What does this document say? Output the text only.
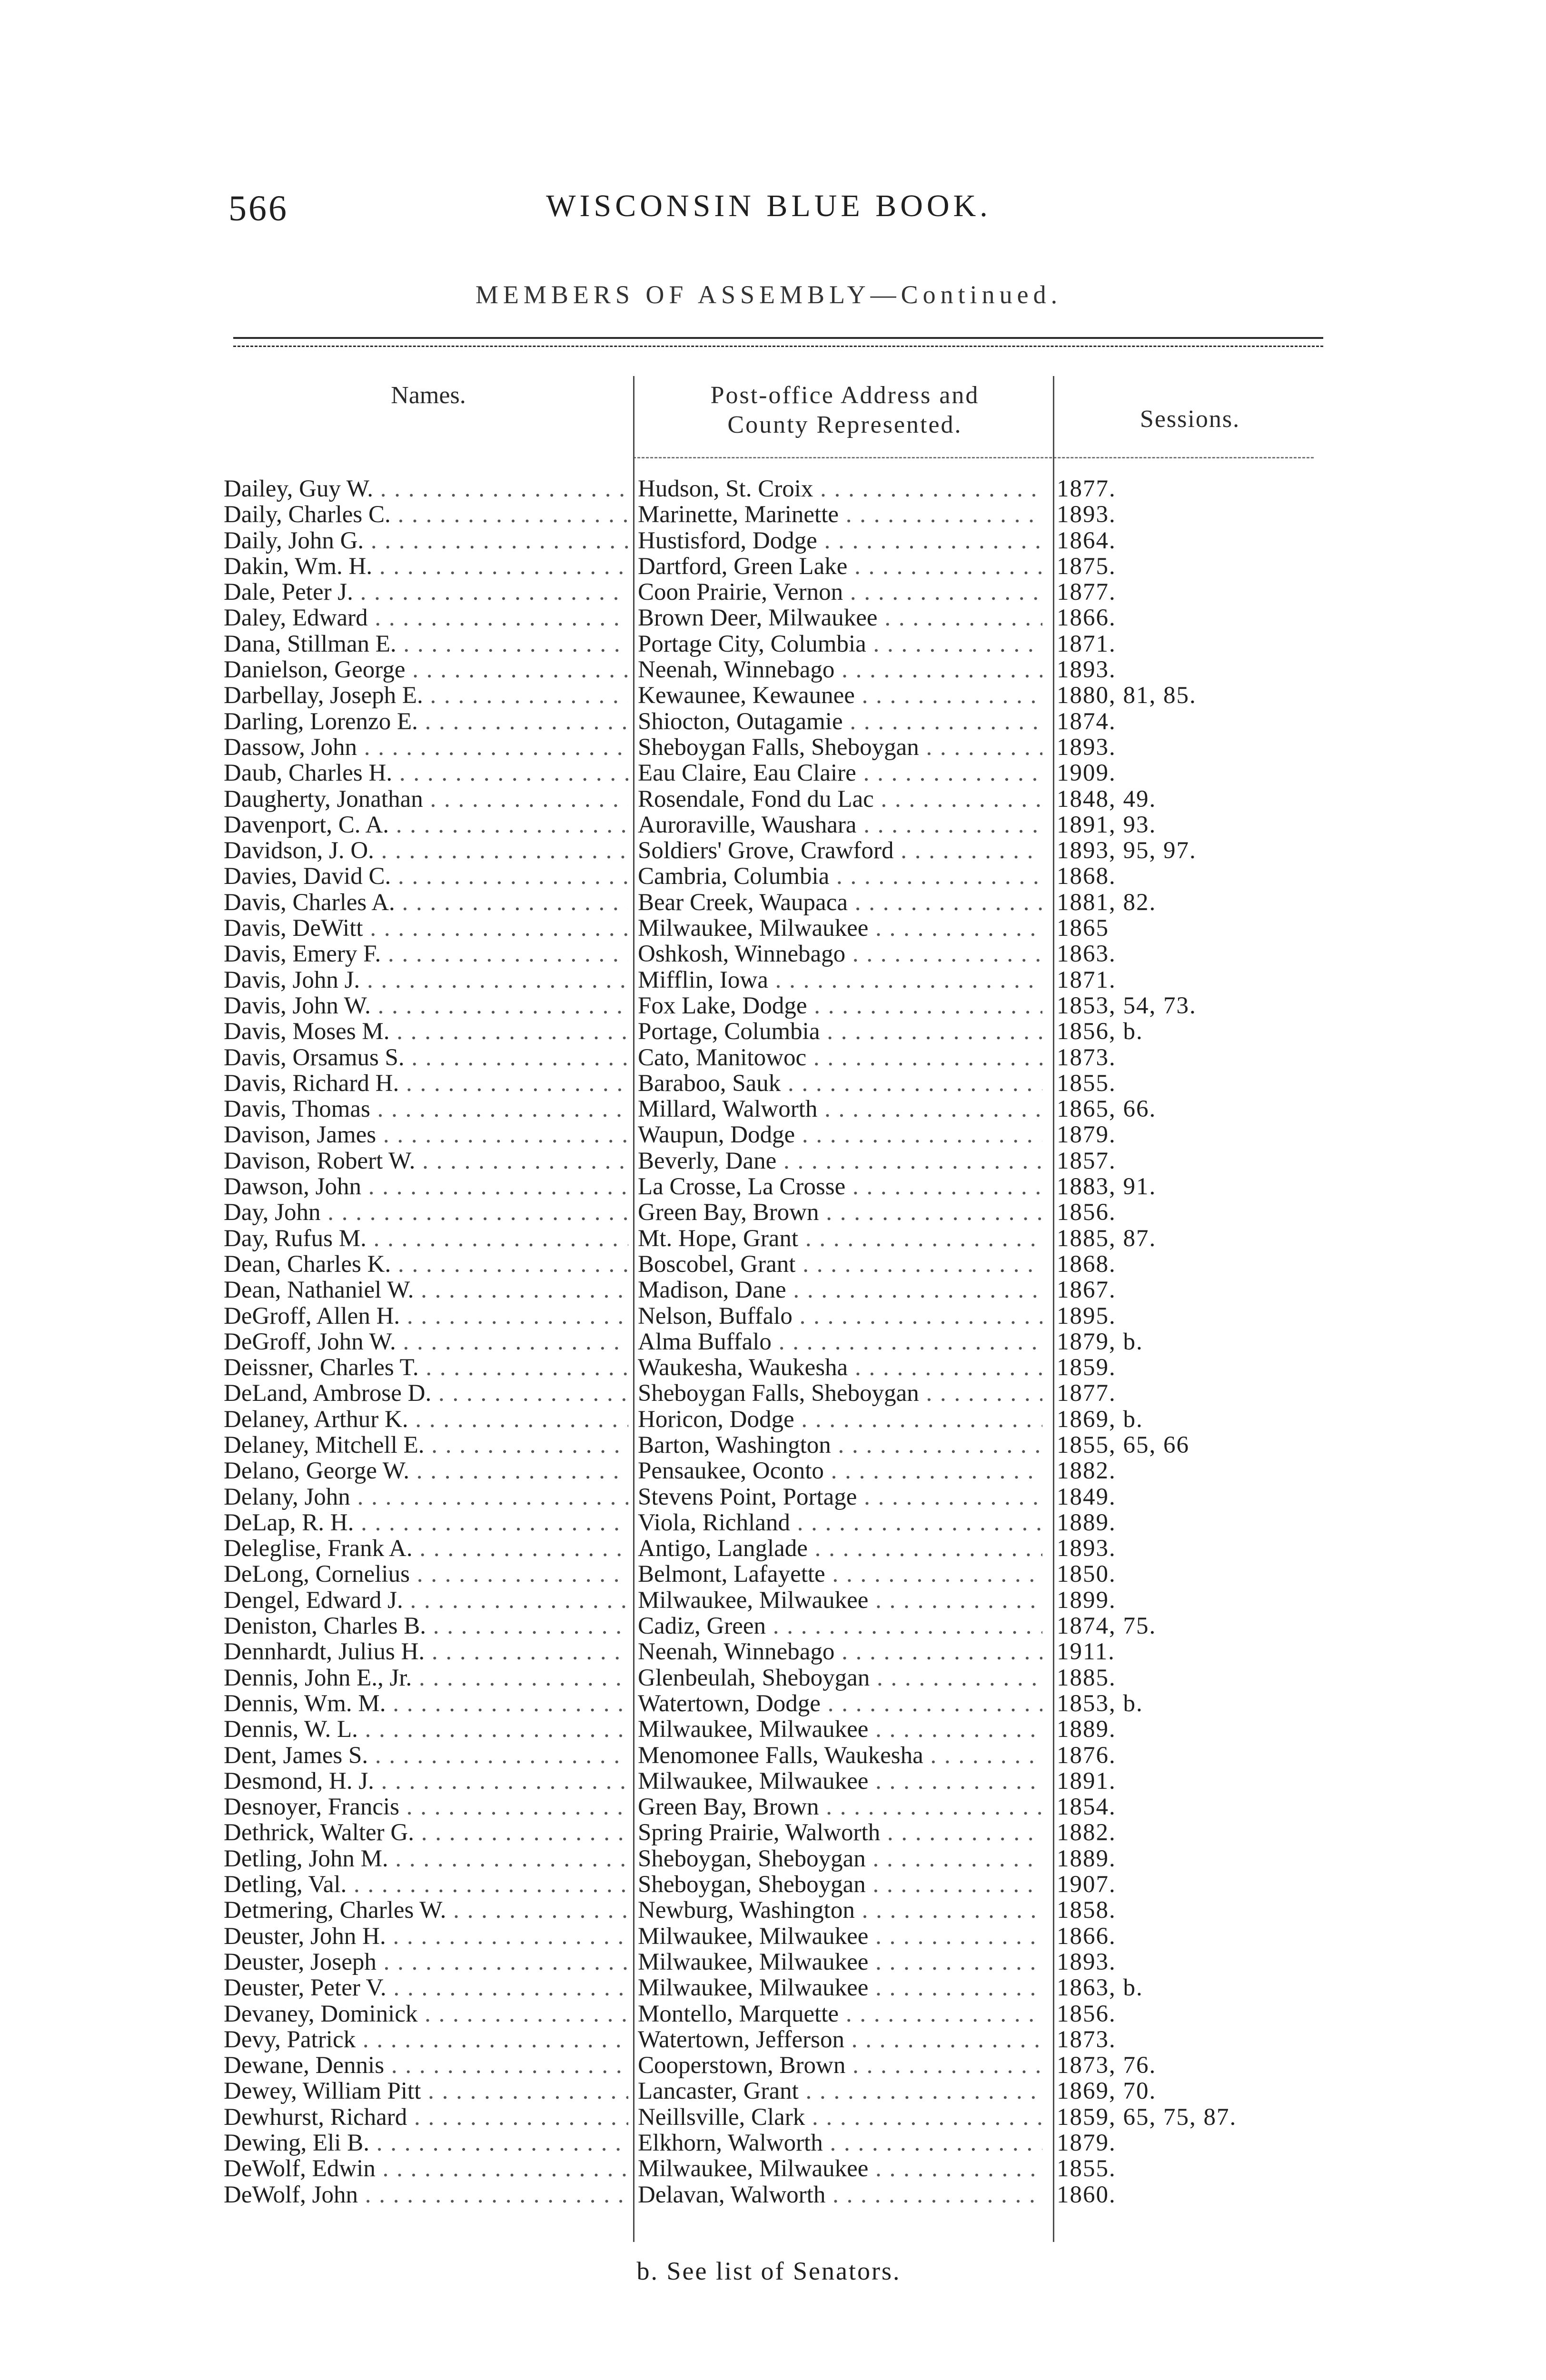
566	WISCONSIN BLUE BOOK.
MEMBERS OF ASSEMBLY—Continued.
Names.	Post-office Address and
County Represented.	Sessions.
Dailey, Guy W. . . .	Hudson, St. Croix . . .	1877.
Daily, Charles C. . . .	Marinette, Marinette . . .	1893.
Daily, John G. . . .	Hustisford, Dodge . . .	1864.
Dakin, Wm. H. . . .	Dartford, Green Lake . . .	1875.
Dale, Peter J. . . .	Coon Prairie, Vernon . . .	1877.
Daley, Edward . . .	Brown Deer, Milwaukee . . .	1866.
Dana, Stillman E. . . .	Portage City, Columbia . . .	1871.
Danielson, George . . .	Neenah, Winnebago . . .	1893.
Darbellay, Joseph E. . . .	Kewaunee, Kewaunee . . .	1880, 81, 85.
Darling, Lorenzo E. . . .	Shiocton, Outagamie . . .	1874.
Dassow, John . . .	Sheboygan Falls, Sheboygan . . .	1893.
Daub, Charles H. . . .	Eau Claire, Eau Claire . . .	1909.
Daugherty, Jonathan . . .	Rosendale, Fond du Lac . . .	1848, 49.
Davenport, C. A. . . .	Auroraville, Waushara . . .	1891, 93.
Davidson, J. O. . . .	Soldiers' Grove, Crawford . . .	1893, 95, 97.
Davies, David C. . . .	Cambria, Columbia . . .	1868.
Davis, Charles A. . . .	Bear Creek, Waupaca . . .	1881, 82.
Davis, DeWitt . . .	Milwaukee, Milwaukee . . .	1865
Davis, Emery F. . . .	Oshkosh, Winnebago . . .	1863.
Davis, John J. . . .	Mifflin, Iowa . . .	1871.
Davis, John W. . . .	Fox Lake, Dodge . . .	1853, 54, 73.
Davis, Moses M. . . .	Portage, Columbia . . .	1856, b.
Davis, Orsamus S. . . .	Cato, Manitowoc . . .	1873.
Davis, Richard H. . . .	Baraboo, Sauk . . .	1855.
Davis, Thomas . . .	Millard, Walworth . . .	1865, 66.
Davison, James . . .	Waupun, Dodge . . .	1879.
Davison, Robert W. . . .	Beverly, Dane . . .	1857.
Dawson, John . . .	La Crosse, La Crosse . . .	1883, 91.
Day, John . . .	Green Bay, Brown . . .	1856.
Day, Rufus M. . . .	Mt. Hope, Grant . . .	1885, 87.
Dean, Charles K. . . .	Boscobel, Grant . . .	1868.
Dean, Nathaniel W. . . .	Madison, Dane . . .	1867.
DeGroff, Allen H. . . .	Nelson, Buffalo . . .	1895.
DeGroff, John W. . . .	Alma Buffalo . . .	1879, b.
Deissner, Charles T. . . .	Waukesha, Waukesha . . .	1859.
DeLand, Ambrose D. . . .	Sheboygan Falls, Sheboygan . . .	1877.
Delaney, Arthur K. . . .	Horicon, Dodge . . .	1869, b.
Delaney, Mitchell E. . . .	Barton, Washington . . .	1855, 65, 66
Delano, George W. . . .	Pensaukee, Oconto . . .	1882.
Delany, John . . .	Stevens Point, Portage . . .	1849.
DeLap, R. H. . . .	Viola, Richland . . .	1889.
Deleglise, Frank A. . . .	Antigo, Langlade . . .	1893.
DeLong, Cornelius . . .	Belmont, Lafayette . . .	1850.
Dengel, Edward J. . . .	Milwaukee, Milwaukee . . .	1899.
Deniston, Charles B. . . .	Cadiz, Green . . .	1874, 75.
Dennhardt, Julius H. . . .	Neenah, Winnebago . . .	1911.
Dennis, John E., Jr. . . .	Glenbeulah, Sheboygan . . .	1885.
Dennis, Wm. M. . . .	Watertown, Dodge . . .	1853, b.
Dennis, W. L. . . .	Milwaukee, Milwaukee . . .	1889.
Dent, James S. . . .	Menomonee Falls, Waukesha . . .	1876.
Desmond, H. J. . . .	Milwaukee, Milwaukee . . .	1891.
Desnoyer, Francis . . .	Green Bay, Brown . . .	1854.
Dethrick, Walter G. . . .	Spring Prairie, Walworth . . .	1882.
Detling, John M. . . .	Sheboygan, Sheboygan . . .	1889.
Detling, Val. . . .	Sheboygan, Sheboygan . . .	1907.
Detmering, Charles W. . . .	Newburg, Washington . . .	1858.
Deuster, John H. . . .	Milwaukee, Milwaukee . . .	1866.
Deuster, Joseph . . .	Milwaukee, Milwaukee . . .	1893.
Deuster, Peter V. . . .	Milwaukee, Milwaukee . . .	1863, b.
Devaney, Dominick . . .	Montello, Marquette . . .	1856.
Devy, Patrick . . .	Watertown, Jefferson . . .	1873.
Dewane, Dennis . . .	Cooperstown, Brown . . .	1873, 76.
Dewey, William Pitt . . .	Lancaster, Grant . . .	1869, 70.
Dewhurst, Richard . . .	Neillsville, Clark . . .	1859, 65, 75, 87.
Dewing, Eli B. . . .	Elkhorn, Walworth . . .	1879.
DeWolf, Edwin . . .	Milwaukee, Milwaukee . . .	1855.
DeWolf, John . . .	Delavan, Walworth . . .	1860.
b. See list of Senators.
